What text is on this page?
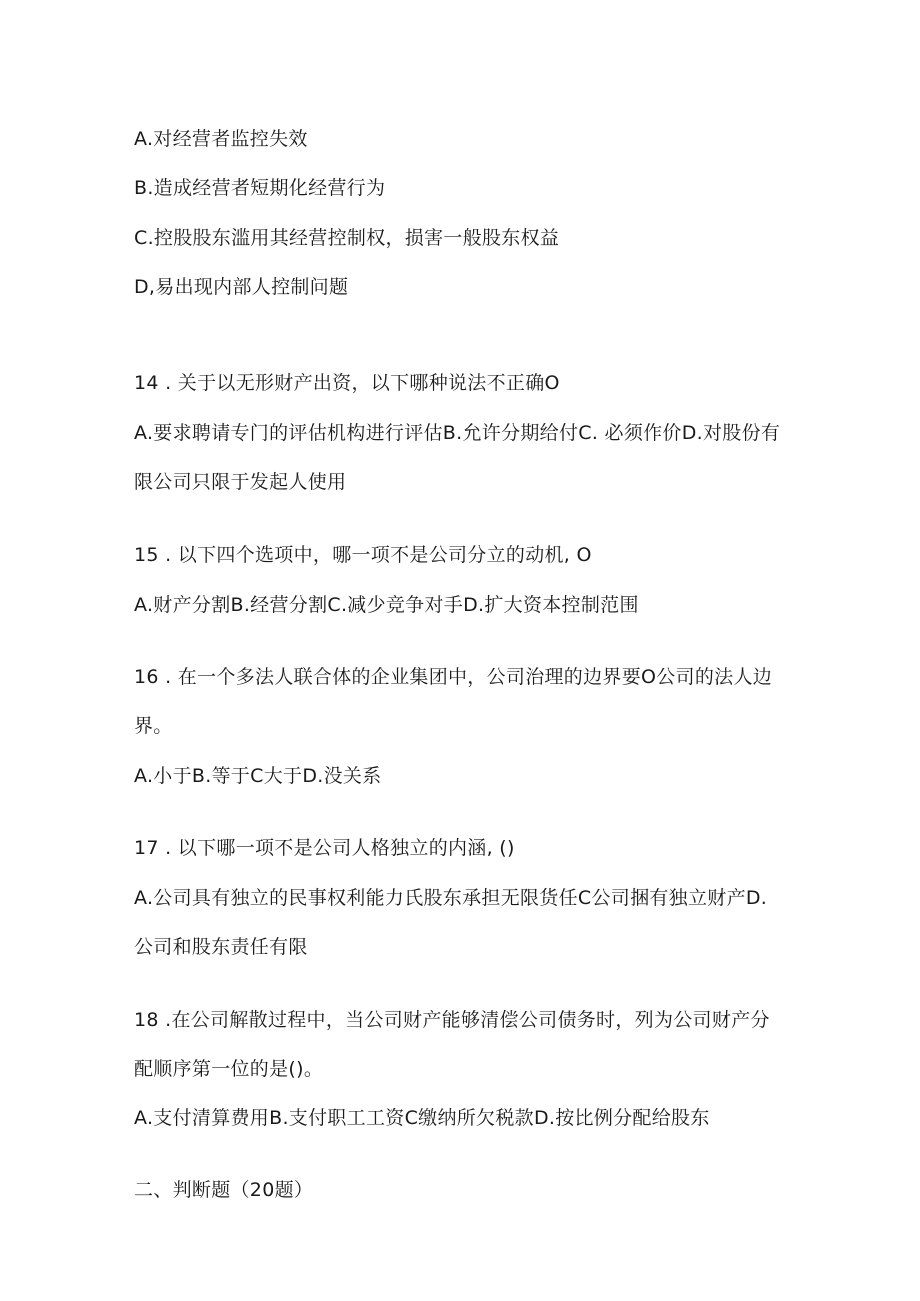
A.对经营者监控失效
B.造成经营者短期化经营行为
C.控股股东滥用其经营控制权，损害一般股东权益
D,易出现内部人控制问题
14 . 关于以无形财产出资，以下哪种说法不正确O
A.要求聘请专门的评估机构进行评估B.允许分期给付C. 必须作价D.对股份有
限公司只限于发起人使用
15 . 以下四个选项中，哪一项不是公司分立的动机, O
A.财产分割B.经营分割C.减少竞争对手D.扩大资本控制范围
16 . 在一个多法人联合体的企业集团中，公司治理的边界要O公司的法人边
界。
A.小于B.等于C大于D.没关系
17 . 以下哪一项不是公司人格独立的内涵, ()
A.公司具有独立的民事权利能力氏股东承担无限货任C公司捆有独立财产D.
公司和股东责任有限
18 .在公司解散过程中，当公司财产能够清偿公司债务时，列为公司财产分
配顺序第一位的是()。
A.支付清算费用B.支付职工工资C缴纳所欠税款D.按比例分配给股东
二、判断题（20题）
